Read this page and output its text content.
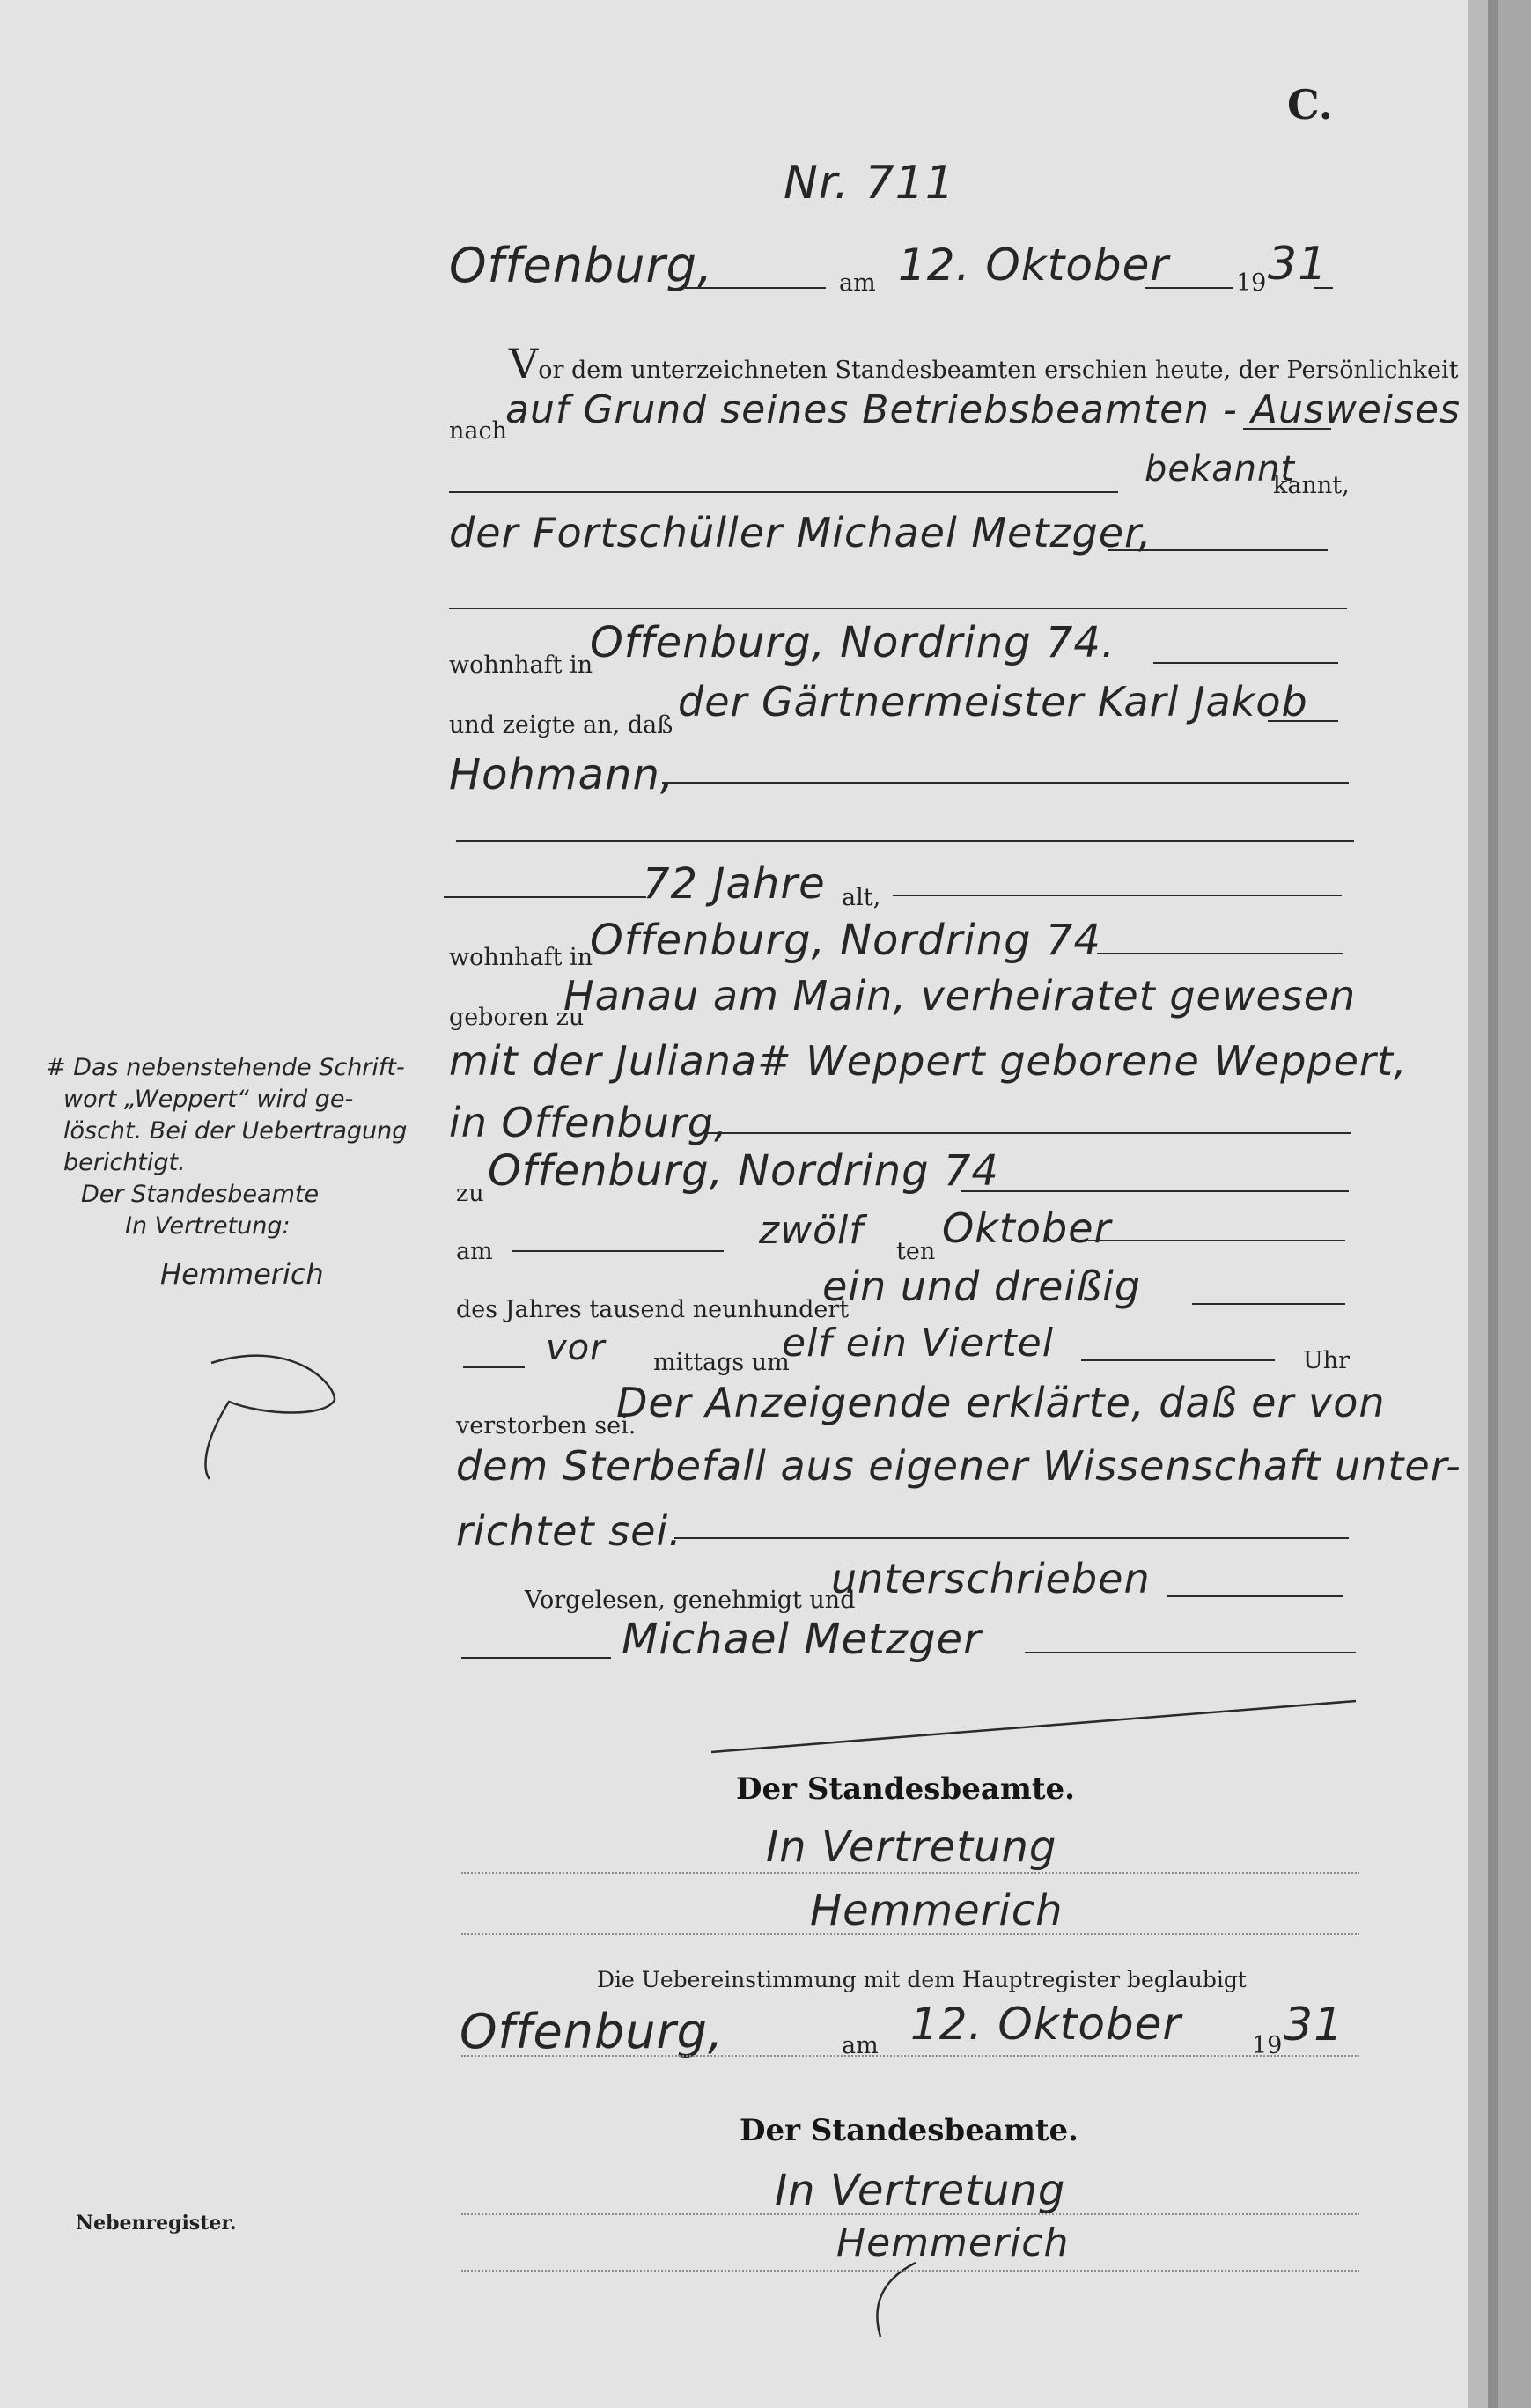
C.
Nr. 711
Offenburg,	am 12. Oktober	19 31
Vor dem unterzeichneten Standesbeamten erschien heute, der Persönlichkeit
nach
auf Grund seines Betriebsbeamten - Ausweises
bekannt
kannt,
der Fortschüller Michael Metzger,
wohnhaft in
Offenburg, Nordring 74.
und zeigte an, daß der Gärtnermeister Karl Jakob
Hohmann,
72 Jahre alt,
wohnhaft in
Offenburg, Nordring 74
geboren zu
Hanau am Main, verheiratet gewesen
mit der Juliana# Weppert geborene Weppert,
in Offenburg,
zu Offenburg, Nordring 74
am	zwölf ten Oktober
des Jahres tausend neunhundert
ein und dreißig
vor mittags um
elf ein Viertel	Uhr
verstorben sei.
Der Anzeigende erklärte, daß er von
dem Sterbefall aus eigener Wissenschaft unter-
richtet sei.
Vorgelesen, genehmigt und
unterschrieben
Michael Metzger
Der Standesbeamte.
In Vertretung
Hemmerich
Die Uebereinstimmung mit dem Hauptregister beglaubigt
Offenburg,	am 12. Oktober	19 31
Der Standesbeamte.
In Vertretung
Hemmerich
Nebenregister.
# Das nebenstehende Schrift-
wort „Weppert“ wird ge-
löscht. Bei der Uebertragung
berichtigt.
Der Standesbeamte
In Vertretung:
Hemmerich
